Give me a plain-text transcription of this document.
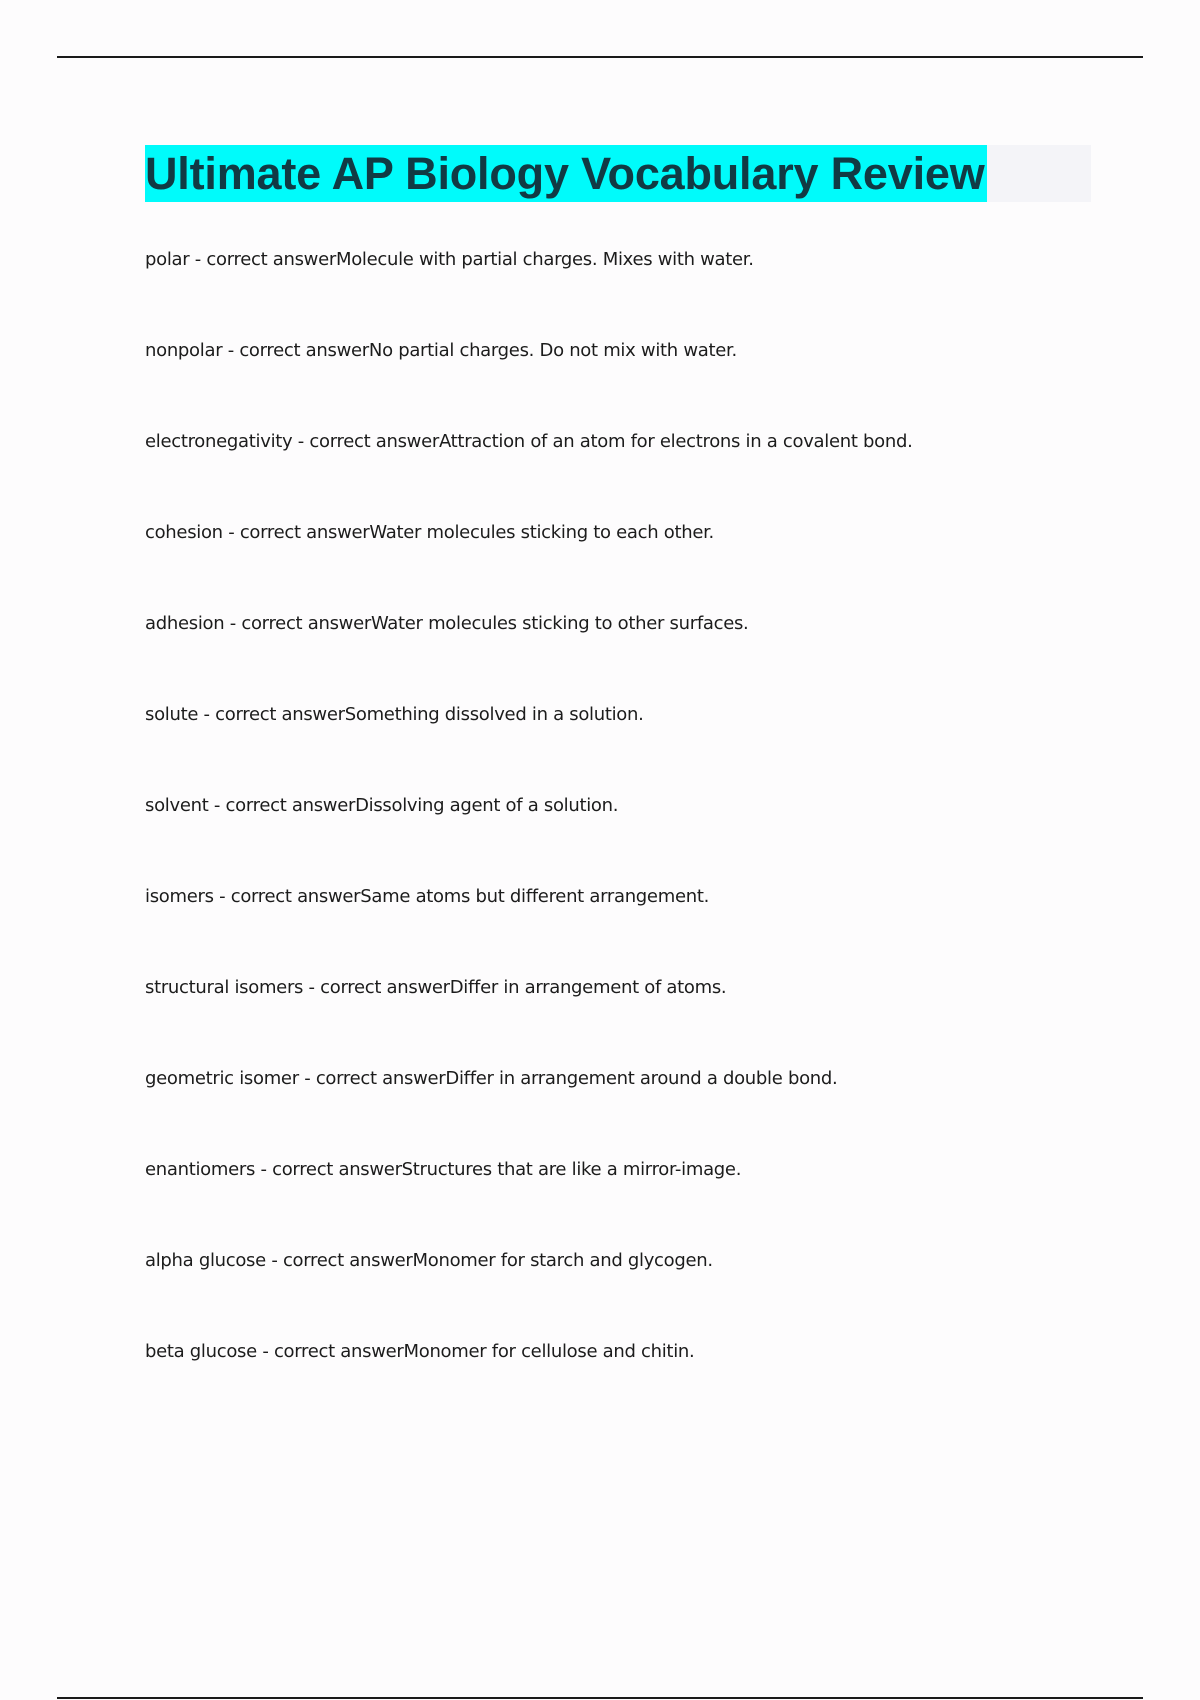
Ultimate AP Biology Vocabulary Review
polar - correct answerMolecule with partial charges. Mixes with water.
nonpolar - correct answerNo partial charges. Do not mix with water.
electronegativity - correct answerAttraction of an atom for electrons in a covalent bond.
cohesion - correct answerWater molecules sticking to each other.
adhesion - correct answerWater molecules sticking to other surfaces.
solute - correct answerSomething dissolved in a solution.
solvent - correct answerDissolving agent of a solution.
isomers - correct answerSame atoms but different arrangement.
structural isomers - correct answerDiffer in arrangement of atoms.
geometric isomer - correct answerDiffer in arrangement around a double bond.
enantiomers - correct answerStructures that are like a mirror-image.
alpha glucose - correct answerMonomer for starch and glycogen.
beta glucose - correct answerMonomer for cellulose and chitin.
